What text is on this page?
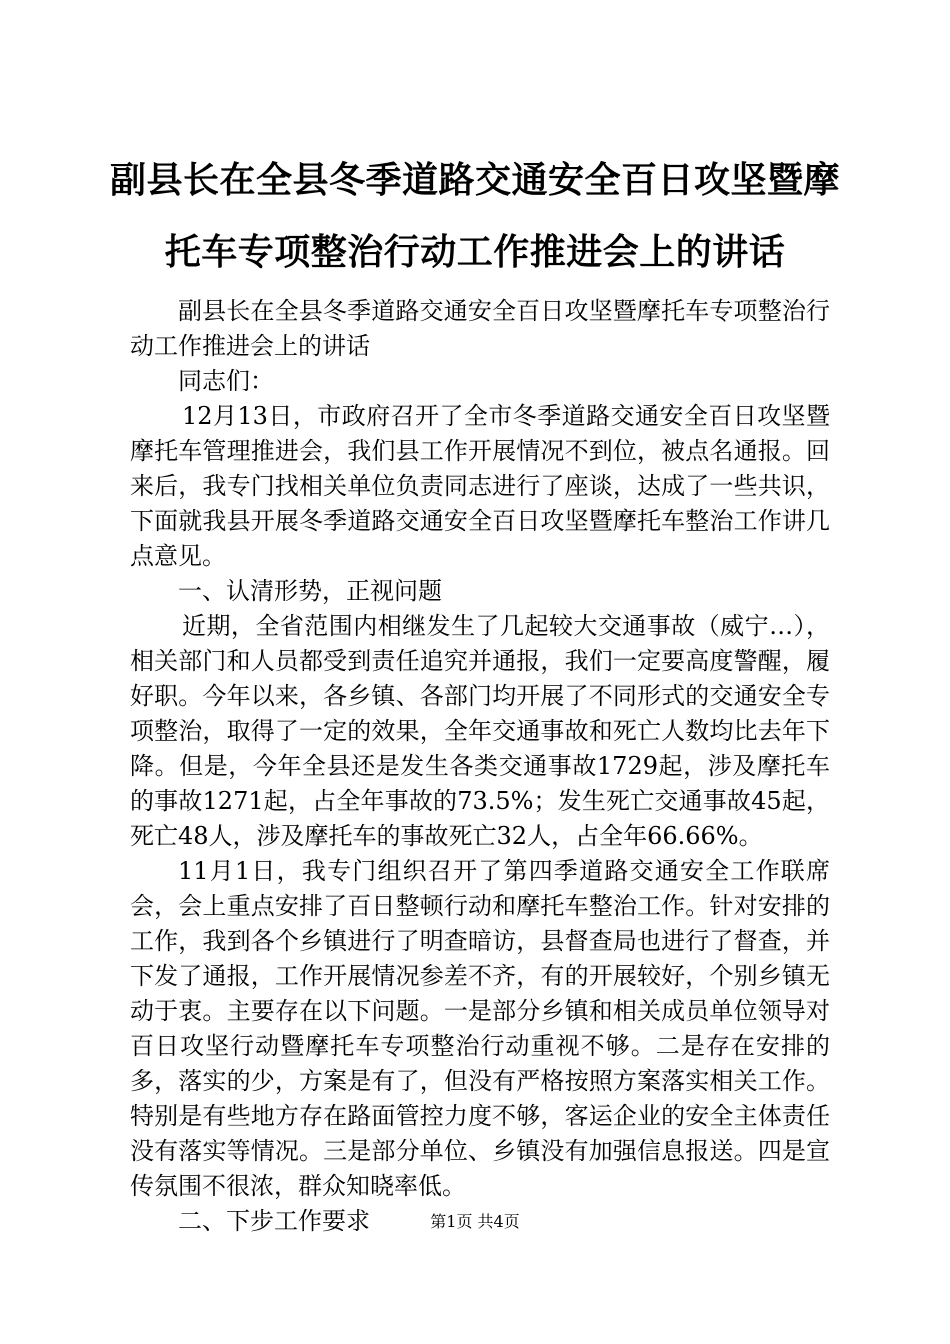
副县长在全县冬季道路交通安全百日攻坚暨摩
托车专项整治行动工作推进会上的讲话

副县长在全县冬季道路交通安全百日攻坚暨摩托车专项整治行动工作推进会上的讲话

同志们：

12月13日，市政府召开了全市冬季道路交通安全百日攻坚暨摩托车管理推进会，我们县工作开展情况不到位，被点名通报。回来后，我专门找相关单位负责同志进行了座谈，达成了一些共识，下面就我县开展冬季道路交通安全百日攻坚暨摩托车整治工作讲几点意见。

一、认清形势，正视问题

近期，全省范围内相继发生了几起较大交通事故（威宁…），相关部门和人员都受到责任追究并通报，我们一定要高度警醒，履好职。今年以来，各乡镇、各部门均开展了不同形式的交通安全专项整治，取得了一定的效果，全年交通事故和死亡人数均比去年下降。但是，今年全县还是发生各类交通事故1729起，涉及摩托车的事故1271起，占全年事故的73.5%；发生死亡交通事故45起，死亡48人，涉及摩托车的事故死亡32人，占全年66.66%。

11月1日，我专门组织召开了第四季道路交通安全工作联席会，会上重点安排了百日整顿行动和摩托车整治工作。针对安排的工作，我到各个乡镇进行了明查暗访，县督查局也进行了督查，并下发了通报，工作开展情况参差不齐，有的开展较好，个别乡镇无动于衷。主要存在以下问题。一是部分乡镇和相关成员单位领导对百日攻坚行动暨摩托车专项整治行动重视不够。二是存在安排的多，落实的少，方案是有了，但没有严格按照方案落实相关工作。特别是有些地方存在路面管控力度不够，客运企业的安全主体责任没有落实等情况。三是部分单位、乡镇没有加强信息报送。四是宣传氛围不很浓，群众知晓率低。

二、下步工作要求	第1页 共4页
